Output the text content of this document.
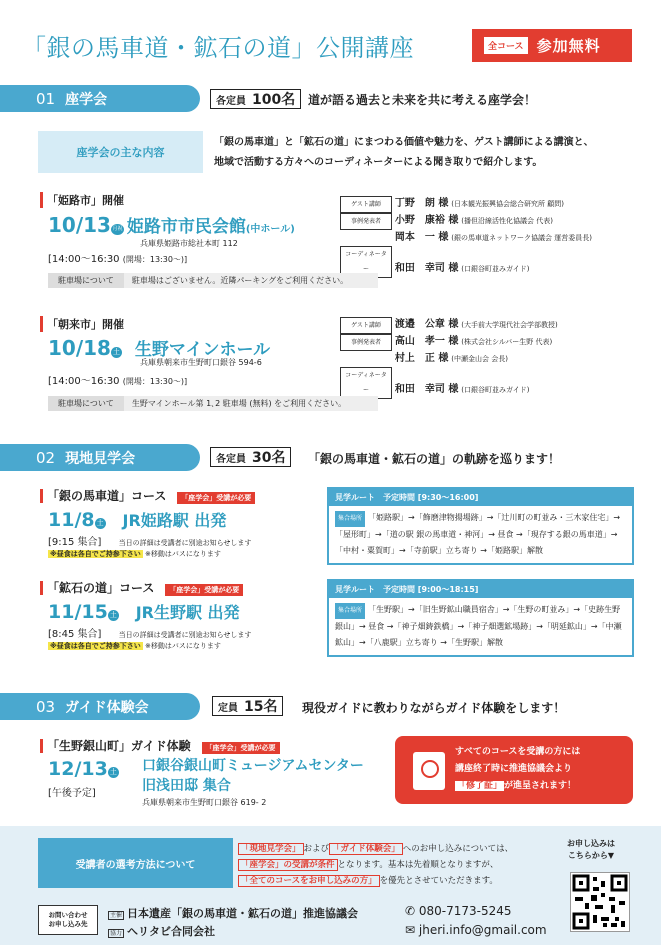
「銀の馬車道・鉱石の道」公開講座	全コース 参加無料
01 座学会	各定員 100名 道が語る過去と未来を共に考える座学会！
座学会の主な内容
「銀の馬車道」と「鉱石の道」にまつわる価値や魅力を、ゲスト講師による講演と、
地域で活動する方々へのコーディネーターによる聞き取りで紹介します。
「姫路市」開催
10/13月祝 姫路市市民会館(中ホール)
兵庫県姫路市総社本町 112
[14:00～16:30 (開場：13:30～)]
ゲスト講師 丁野　朗 様 (日本観光振興協会総合研究所 顧問)
事例発表者 小野　康裕 様 (播但沿線活性化協議会 代表)
岡本　一 様 (銀の馬車道ネットワーク協議会 運営委員長)
コーディネーター	和田　幸司 様 (口銀谷町並みガイド)
駐車場について	駐車場はございません。近隣パーキングをご利用ください。
「朝来市」開催
10/18 土 生野マインホール
兵庫県朝来市生野町口銀谷 594-6
[14:00～16:30 (開場：13:30～)]
ゲスト講師 渡邉　公章 様 (大手前大学現代社会学部教授)
事例発表者 高山　孝一 様 (株式会社シルバー生野 代表)
村上　正 様 (中瀬金山会 会長)
コーディネーター	和田　幸司 様 (口銀谷町並みガイド)
駐車場について	生野マインホール第 1､2 駐車場 (無料) をご利用ください。
02 現地見学会	各定員 30名 「銀の馬車道・鉱石の道」の軌跡を巡ります！
「銀の馬車道」コース 「座学会」受講が必要
11/8 土 JR姫路駅 出発
[9:15 集合] 当日の詳細は受講者に別途お知らせします
※昼食は各自でご持参下さい ※移動はバスになります
見学ルート　予定時間 [9:30～16:00]
集合場所 「姫路駅」→「飾磨津物揚場跡」→「辻川町の町並み・三木家住宅」→「屋形町」→「道の駅 銀の馬車道・神河」→ 昼食 →「現存する銀の馬車道」→「中村・粟賀町」→「寺前駅」立ち寄り →「姫路駅」解散
「鉱石の道」コース 「座学会」受講が必要
11/15 土 JR生野駅 出発
[8:45 集合] 当日の詳細は受講者に別途お知らせします
※昼食は各自でご持参下さい ※移動はバスになります
見学ルート　予定時間 [9:00～18:15]
集合場所 「生野駅」→「旧生野鉱山職員宿舎」→「生野の町並み」→「史跡生野銀山」→ 昼食 →「神子畑鋳鉄橋」→「神子畑選鉱場跡」→「明延鉱山」→「中瀬鉱山」→「八鹿駅」立ち寄り →「生野駅」解散
03 ガイド体験会	定員 15名 現役ガイドに教わりながらガイド体験をします！
「生野銀山町」ガイド体験 「座学会」受講が必要
12/13 土 口銀谷銀山町ミュージアムセンター
旧浅田邸 集合
[午後予定]
兵庫県朝来市生野町口銀谷 619- 2
すべてのコースを受講の方には
講座終了時に推進協議会より
「修了証」 が進呈されます！
受講者の選考方法について
「現地見学会」 および 「ガイド体験会」 へのお申し込みについては、
「座学会」の受講が条件 となります。基本は先着順となりますが、
「全てのコースをお申し込みの方」 を優先とさせていただきます。
お申し込みは
こちらから▼
お問い合わせ
お申し込み先
主催 日本遺産「銀の馬車道・鉱石の道」推進協議会
協力 ヘリタビ合同会社
✆ 080-7173-5245
✉ jheri.info@gmail.com
